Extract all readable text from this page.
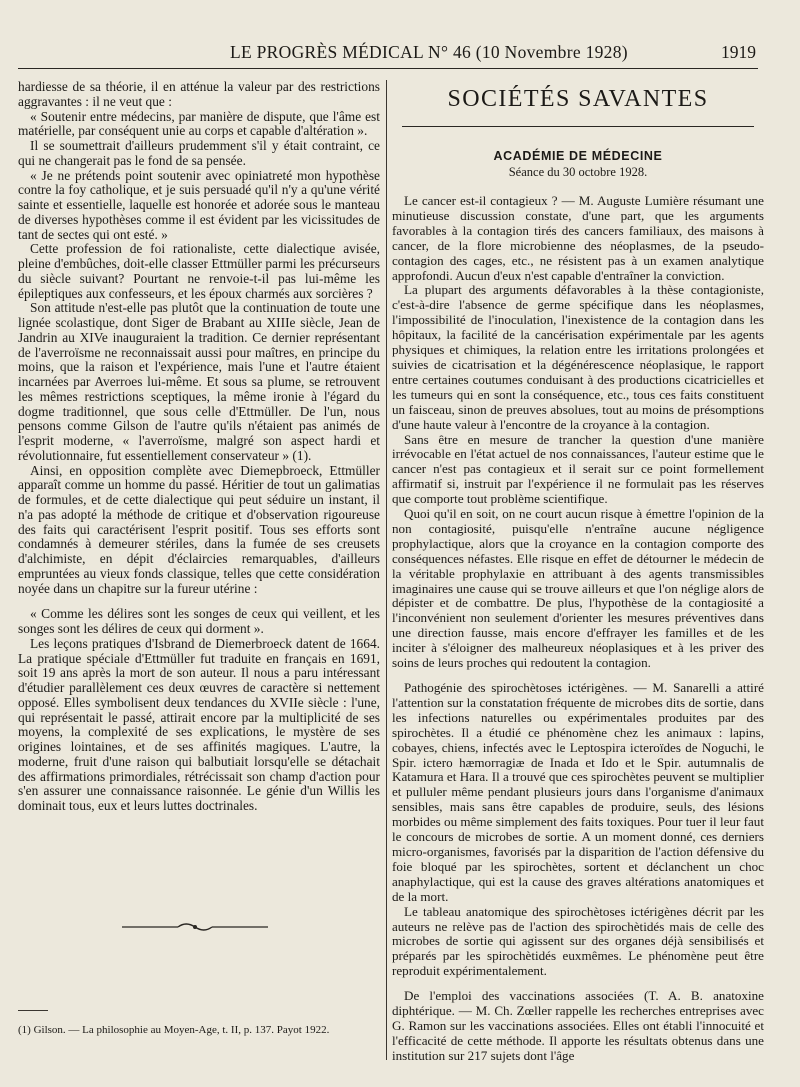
LE PROGRÈS MÉDICAL N° 46 (10 Novembre 1928)	1919

hardiesse de sa théorie, il en atténue la valeur par des restrictions aggravantes : il ne veut que :

« Soutenir entre médecins, par manière de dispute, que l'âme est matérielle, par conséquent unie au corps et capable d'altération ».

Il se soumettrait d'ailleurs prudemment s'il y était contraint, ce qui ne changerait pas le fond de sa pensée.

« Je ne prétends point soutenir avec opiniatreté mon hypothèse contre la foy catholique, et je suis persuadé qu'il n'y a qu'une vérité sainte et essentielle, laquelle est honorée et adorée sous le manteau de diverses hypothèses comme il est évident par les vicissitudes de tant de sectes qui ont esté. »

Cette profession de foi rationaliste, cette dialectique avisée, pleine d'embûches, doit-elle classer Ettmüller parmi les précurseurs du siècle suivant? Pourtant ne renvoie-t-il pas lui-même les épileptiques aux confesseurs, et les époux charmés aux sorcières ?

Son attitude n'est-elle pas plutôt que la continuation de toute une lignée scolastique, dont Siger de Brabant au XIIIe siècle, Jean de Jandrin au XIVe inauguraient la tradition. Ce dernier représentant de l'averroïsme ne reconnaissait aussi pour maîtres, en principe du moins, que la raison et l'expérience, mais l'une et l'autre étaient incarnées par Averroes lui-même. Et sous sa plume, se retrouvent les mêmes restrictions sceptiques, la même ironie à l'égard du dogme traditionnel, que sous celle d'Ettmüller. De l'un, nous pensons comme Gilson de l'autre qu'ils n'étaient pas animés de l'esprit moderne, « l'averroïsme, malgré son aspect hardi et révolutionnaire, fut essentiellement conservateur » (1).

Ainsi, en opposition complète avec Diemepbroeck, Ettmüller apparaît comme un homme du passé. Héritier de tout un galimatias de formules, et de cette dialectique qui peut séduire un instant, il n'a pas adopté la méthode de critique et d'observation rigoureuse des faits qui caractérisent l'esprit positif. Tous ses efforts sont condamnés à demeurer stériles, dans la fumée de ses creusets d'alchimiste, en dépit d'éclaircies remarquables, d'ailleurs empruntées au vieux fonds classique, telles que cette considération noyée dans un chapitre sur la fureur utérine :

« Comme les délires sont les songes de ceux qui veillent, et les songes sont les délires de ceux qui dorment ».

Les leçons pratiques d'Isbrand de Diemerbroeck datent de 1664. La pratique spéciale d'Ettmüller fut traduite en français en 1691, soit 19 ans après la mort de son auteur. Il nous a paru intéressant d'étudier parallèlement ces deux œuvres de caractère si nettement opposé. Elles symbolisent deux tendances du XVIIe siècle : l'une, qui représentait le passé, attirait encore par la multiplicité de ses moyens, la complexité de ses explications, le mystère de ses origines lointaines, et de ses affinités magiques. L'autre, la moderne, fruit d'une raison qui balbutiait lorsqu'elle se détachait des affirmations primordiales, rétrécissait son champ d'action pour s'en assurer une connaissance raisonnée. Le génie d'un Willis les dominait tous, eux et leurs luttes doctrinales.

(1) Gilson. — La philosophie au Moyen-Age, t. II, p. 137. Payot 1922.
SOCIÉTÉS SAVANTES
ACADÉMIE DE MÉDECINE
Séance du 30 octobre 1928.

Le cancer est-il contagieux ? — M. Auguste Lumière résumant une minutieuse discussion constate, d'une part, que les arguments favorables à la contagion tirés des cancers familiaux, des maisons à cancer, de la flore microbienne des néoplasmes, de la pseudo-contagion des cages, etc., ne résistent pas à un examen analytique approfondi. Aucun d'eux n'est capable d'entraîner la conviction.

La plupart des arguments défavorables à la thèse contagioniste, c'est-à-dire l'absence de germe spécifique dans les néoplasmes, l'impossibilité de l'inoculation, l'inexistence de la contagion dans les hôpitaux, la facilité de la cancérisation expérimentale par les agents physiques et chimiques, la relation entre les irritations prolongées et suivies de cicatrisation et la dégénérescence néoplasique, le rapport entre certaines coutumes conduisant à des productions cicatricielles et les tumeurs qui en sont la conséquence, etc., tous ces faits constituent un faisceau, sinon de preuves absolues, tout au moins de présomptions d'une haute valeur à l'encontre de la croyance à la contagion.

Sans être en mesure de trancher la question d'une manière irrévocable en l'état actuel de nos connaissances, l'auteur estime que le cancer n'est pas contagieux et il serait sur ce point formellement affirmatif si, instruit par l'expérience il ne formulait pas les réserves que comporte tout problème scientifique.

Quoi qu'il en soit, on ne court aucun risque à émettre l'opinion de la non contagiosité, puisqu'elle n'entraîne aucune négligence prophylactique, alors que la croyance en la contagion comporte des conséquences néfastes. Elle risque en effet de détourner le médecin de la véritable prophylaxie en attribuant à des agents transmissibles imaginaires une cause qui se trouve ailleurs et que l'on néglige alors de dépister et de combattre. De plus, l'hypothèse de la contagiosité a l'inconvénient non seulement d'orienter les mesures préventives dans une direction fausse, mais encore d'effrayer les familles et de les inciter à s'éloigner des malheureux néoplasiques et à les priver des soins de leurs proches qui redoutent la contagion.

Pathogénie des spirochètoses ictérigènes. — M. Sanarelli a attiré l'attention sur la constatation fréquente de microbes dits de sortie, dans les infections naturelles ou expérimentales produites par des spirochètes. Il a étudié ce phénomène chez les animaux : lapins, cobayes, chiens, infectés avec le Leptospira icteroïdes de Noguchi, le Spir. ictero hæmorragiæ de Inada et Ido et le Spir. autumnalis de Katamura et Hara. Il a trouvé que ces spirochètes peuvent se multiplier et pulluler même pendant plusieurs jours dans l'organisme d'animaux sensibles, mais sans être capables de produire, seuls, des lésions morbides ou même simplement des faits toxiques. Pour tuer il leur faut le concours de microbes de sortie. A un moment donné, ces derniers micro-organismes, favorisés par la disparition de l'action défensive du foie bloqué par les spirochètes, sortent et déclanchent un choc anaphylactique, qui est la cause des graves altérations anatomiques et de la mort.

Le tableau anatomique des spirochètoses ictérigènes décrit par les auteurs ne relève pas de l'action des spirochètidés mais de celle des microbes de sortie qui agissent sur des organes déjà sensibilisés et préparés par les spirochètidés euxmêmes. Le phénomène peut être reproduit expérimentalement.

De l'emploi des vaccinations associées (T. A. B. anatoxine diphtérique. — M. Ch. Zœller rappelle les recherches entreprises avec G. Ramon sur les vaccinations associées. Elles ont établi l'innocuité et l'efficacité de cette méthode. Il apporte les résultats obtenus dans une institution sur 217 sujets dont l'âge
